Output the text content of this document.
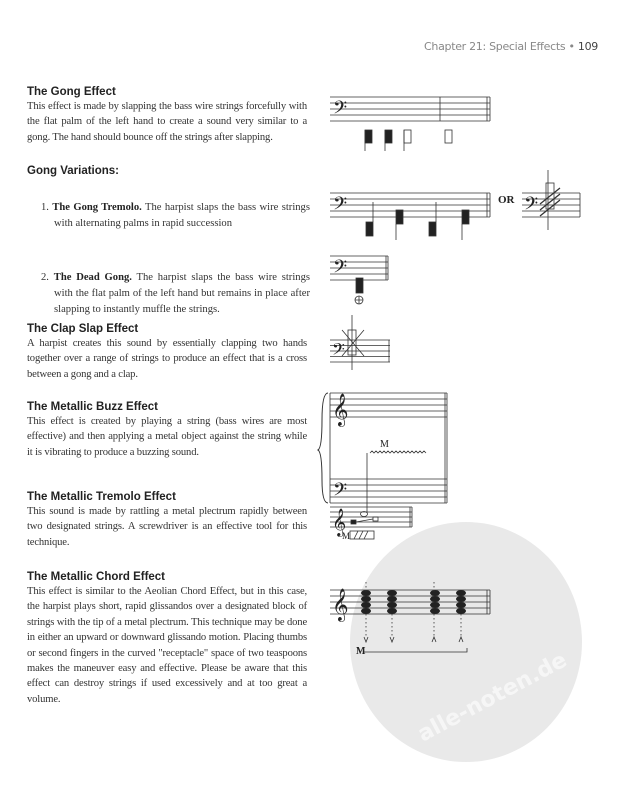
Chapter 21: Special Effects • 109
The Gong Effect

This effect is made by slapping the bass wire strings forcefully with the flat palm of the left hand to create a sound very similar to a gong. The hand should bounce off the strings after slapping.

Gong Variations:
1. The Gong Tremolo. The harpist slaps the bass wire strings with alternating palms in rapid succession
2. The Dead Gong. The harpist slaps the bass wire strings with the flat palm of the left hand but remains in place after slapping to instantly muffle the strings.
The Clap Slap Effect

A harpist creates this sound by essentially clapping two hands together over a range of strings to produce an effect that is a cross between a gong and a clap.

The Metallic Buzz Effect

This effect is created by playing a string (bass wires are most effective) and then applying a metal object against the string while it is vibrating to produce a buzzing sound.

The Metallic Tremolo Effect

This sound is made by rattling a metal plectrum rapidly between two designated strings. A screwdriver is an effective tool for this technique.

The Metallic Chord Effect

This effect is similar to the Aeolian Chord Effect, but in this case, the harpist plays short, rapid glissandos over a designated block of strings with the tip of a metal plectrum. This technique may be done in either an upward or downward glissando motion. Placing thumbs or second fingers in the curved "receptacle" space of two teaspoons makes the maneuver easy and effective. Please be aware that this effect can destroy strings if used excessively and at too great a volume.

𝄢
𝄢	OR 𝄢
𝄢
𝄢
𝄞
𝄢
M
𝄞
M
𝄞
M alle-noten.de
